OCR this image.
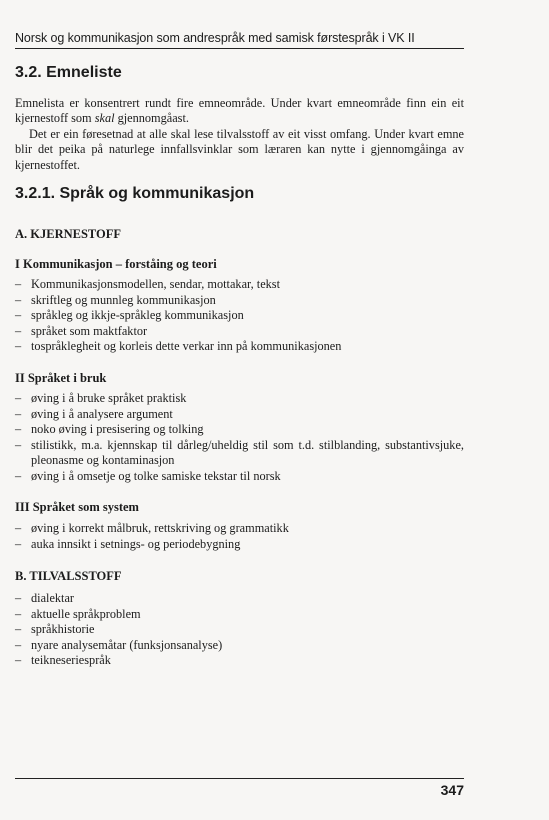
Norsk og kommunikasjon som andrespråk med samisk førstespråk i VK II
3.2. Emneliste
Emnelista er konsentrert rundt fire emneområde. Under kvart emneområde finn ein eit kjernestoff som skal gjennomgåast.
Det er ein føresetnad at alle skal lese tilvalsstoff av eit visst omfang. Under kvart emne blir det peika på naturlege innfallsvinklar som læraren kan nytte i gjennomgåinga av kjernestoffet.
3.2.1. Språk og kommunikasjon
A. KJERNESTOFF
I Kommunikasjon – forståing og teori
– Kommunikasjonsmodellen, sendar, mottakar, tekst
– skriftleg og munnleg kommunikasjon
– språkleg og ikkje-språkleg kommunikasjon
– språket som maktfaktor
– tospråklegheit og korleis dette verkar inn på kommunikasjonen
II Språket i bruk
– øving i å bruke språket praktisk
– øving i å analysere argument
– noko øving i presisering og tolking
– stilistikk, m.a. kjennskap til dårleg/uheldig stil som t.d. stilblanding, substantivsjuke, pleonasme og kontaminasjon
– øving i å omsetje og tolke samiske tekstar til norsk
III Språket som system
– øving i korrekt målbruk, rettskriving og grammatikk
– auka innsikt i setnings- og periodebygning
B. TILVALSSTOFF
– dialektar
– aktuelle språkproblem
– språkhistorie
– nyare analysemåtar (funksjonsanalyse)
– teikneseriespråk
347
